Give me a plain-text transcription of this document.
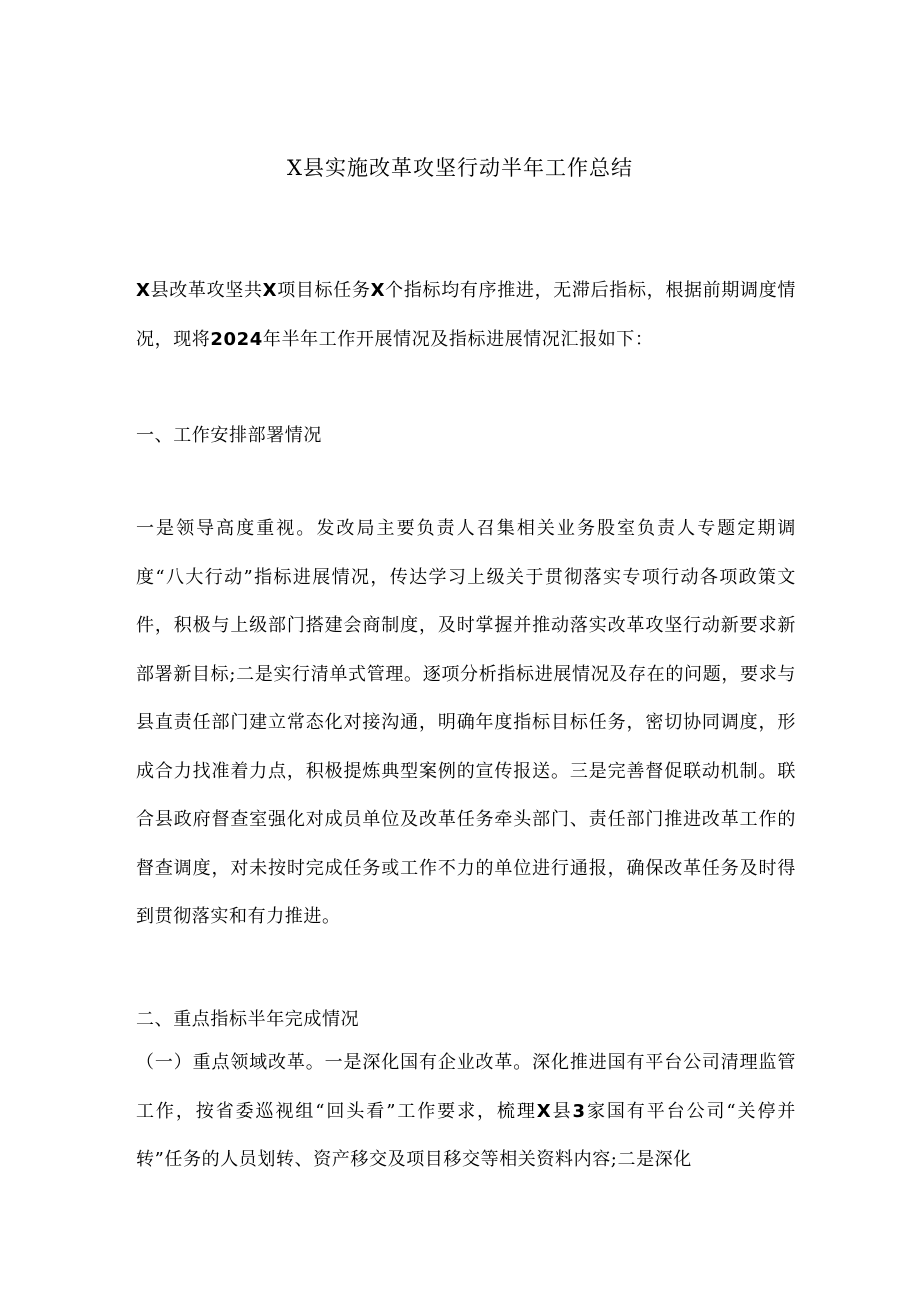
X县实施改革攻坚行动半年工作总结
X县改革攻坚共X项目标任务X个指标均有序推进，无滞后指标，根据前期调度情况，现将2024年半年工作开展情况及指标进展情况汇报如下：
一、工作安排部署情况
一是领导高度重视。发改局主要负责人召集相关业务股室负责人专题定期调度“八大行动”指标进展情况，传达学习上级关于贯彻落实专项行动各项政策文件，积极与上级部门搭建会商制度，及时掌握并推动落实改革攻坚行动新要求新部署新目标;二是实行清单式管理。逐项分析指标进展情况及存在的问题，要求与县直责任部门建立常态化对接沟通，明确年度指标目标任务，密切协同调度，形成合力找准着力点，积极提炼典型案例的宣传报送。三是完善督促联动机制。联合县政府督查室强化对成员单位及改革任务牵头部门、责任部门推进改革工作的督查调度，对未按时完成任务或工作不力的单位进行通报，确保改革任务及时得到贯彻落实和有力推进。
二、重点指标半年完成情况
（一）重点领域改革。一是深化国有企业改革。深化推进国有平台公司清理监管工作，按省委巡视组“回头看”工作要求，梳理X县3家国有平台公司“关停并转”任务的人员划转、资产移交及项目移交等相关资料内容;二是深化
